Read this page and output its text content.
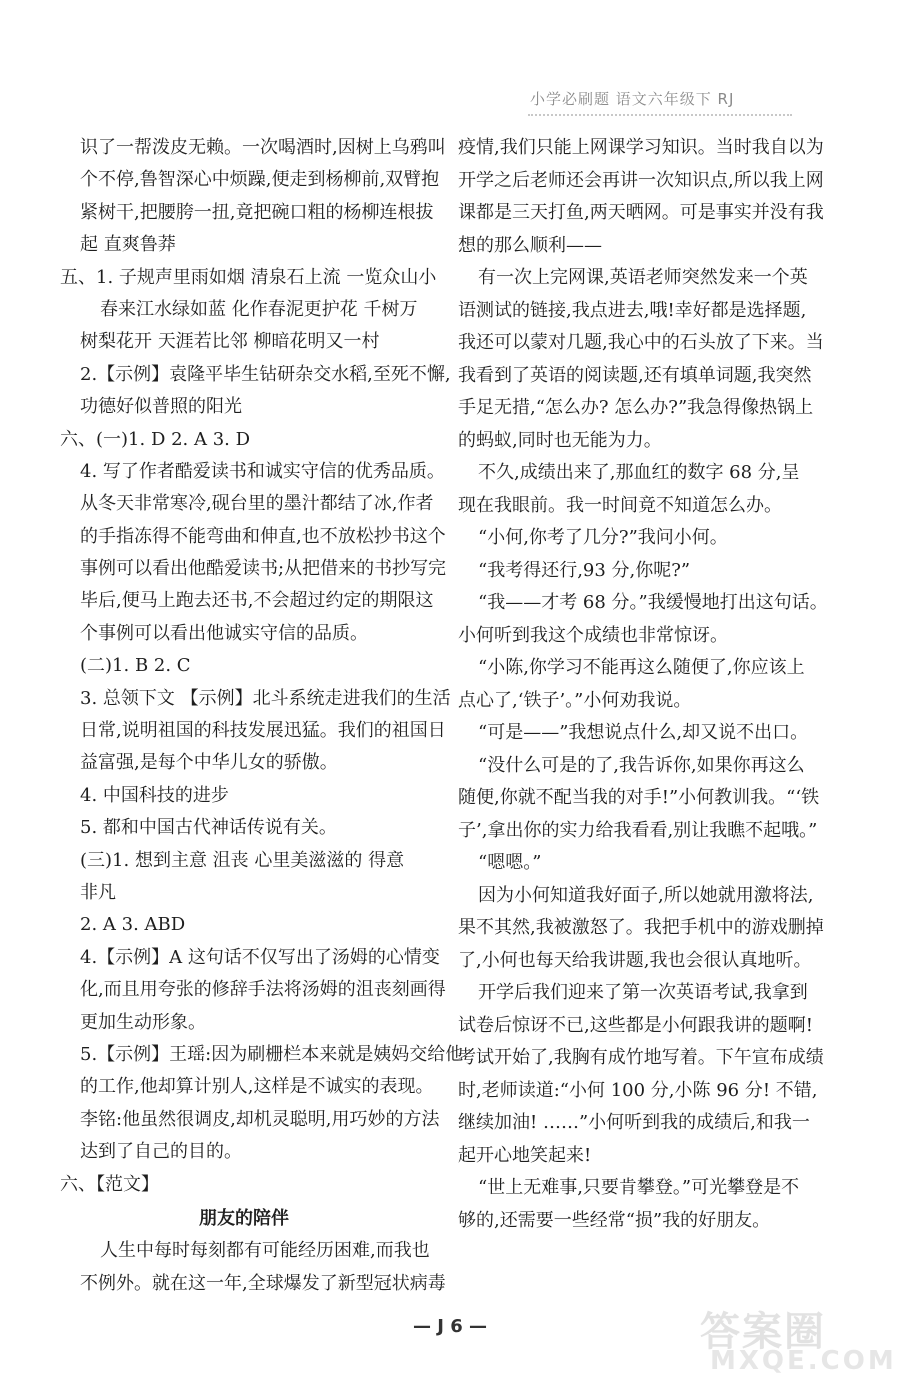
小学必刷题 语文六年级下 RJ
识了一帮泼皮无赖。一次喝酒时,因树上乌鸦叫
个不停,鲁智深心中烦躁,便走到杨柳前,双臂抱
紧树干,把腰胯一扭,竟把碗口粗的杨柳连根拔
起 直爽鲁莽
五、1. 子规声里雨如烟 清泉石上流 一览众山小
春来江水绿如蓝 化作春泥更护花 千树万
树梨花开 天涯若比邻 柳暗花明又一村
2.【示例】袁隆平毕生钻研杂交水稻,至死不懈,
功德好似普照的阳光
六、(一)1. D 2. A 3. D
4. 写了作者酷爱读书和诚实守信的优秀品质。
从冬天非常寒冷,砚台里的墨汁都结了冰,作者
的手指冻得不能弯曲和伸直,也不放松抄书这个
事例可以看出他酷爱读书;从把借来的书抄写完
毕后,便马上跑去还书,不会超过约定的期限这
个事例可以看出他诚实守信的品质。
(二)1. B 2. C
3. 总领下文 【示例】北斗系统走进我们的生活
日常,说明祖国的科技发展迅猛。我们的祖国日
益富强,是每个中华儿女的骄傲。
4. 中国科技的进步
5. 都和中国古代神话传说有关。
(三)1. 想到主意 沮丧 心里美滋滋的 得意
非凡
2. A 3. ABD
4.【示例】A 这句话不仅写出了汤姆的心情变
化,而且用夸张的修辞手法将汤姆的沮丧刻画得
更加生动形象。
5.【示例】王瑶:因为刷栅栏本来就是姨妈交给他
的工作,他却算计别人,这样是不诚实的表现。
李铭:他虽然很调皮,却机灵聪明,用巧妙的方法
达到了自己的目的。
六、【范文】
朋友的陪伴
人生中每时每刻都有可能经历困难,而我也
不例外。就在这一年,全球爆发了新型冠状病毒
疫情,我们只能上网课学习知识。当时我自以为
开学之后老师还会再讲一次知识点,所以我上网
课都是三天打鱼,两天晒网。可是事实并没有我
想的那么顺利——
有一次上完网课,英语老师突然发来一个英
语测试的链接,我点进去,哦!幸好都是选择题,
我还可以蒙对几题,我心中的石头放了下来。当
我看到了英语的阅读题,还有填单词题,我突然
手足无措,“怎么办? 怎么办?”我急得像热锅上
的蚂蚁,同时也无能为力。
不久,成绩出来了,那血红的数字 68 分,呈
现在我眼前。我一时间竟不知道怎么办。
“小何,你考了几分?”我问小何。
“我考得还行,93 分,你呢?”
“我——才考 68 分。”我缓慢地打出这句话。
小何听到我这个成绩也非常惊讶。
“小陈,你学习不能再这么随便了,你应该上
点心了,‘铁子’。”小何劝我说。
“可是——”我想说点什么,却又说不出口。
“没什么可是的了,我告诉你,如果你再这么
随便,你就不配当我的对手!”小何教训我。“‘铁
子’,拿出你的实力给我看看,别让我瞧不起哦。”
“嗯嗯。”
因为小何知道我好面子,所以她就用激将法,
果不其然,我被激怒了。我把手机中的游戏删掉
了,小何也每天给我讲题,我也会很认真地听。
开学后我们迎来了第一次英语考试,我拿到
试卷后惊讶不已,这些都是小何跟我讲的题啊!
考试开始了,我胸有成竹地写着。下午宣布成绩
时,老师读道:“小何 100 分,小陈 96 分! 不错,
继续加油! ……”小何听到我的成绩后,和我一
起开心地笑起来!
“世上无难事,只要肯攀登。”可光攀登是不
够的,还需要一些经常“损”我的好朋友。
— J 6 —	答案圈
MXQE.COM
